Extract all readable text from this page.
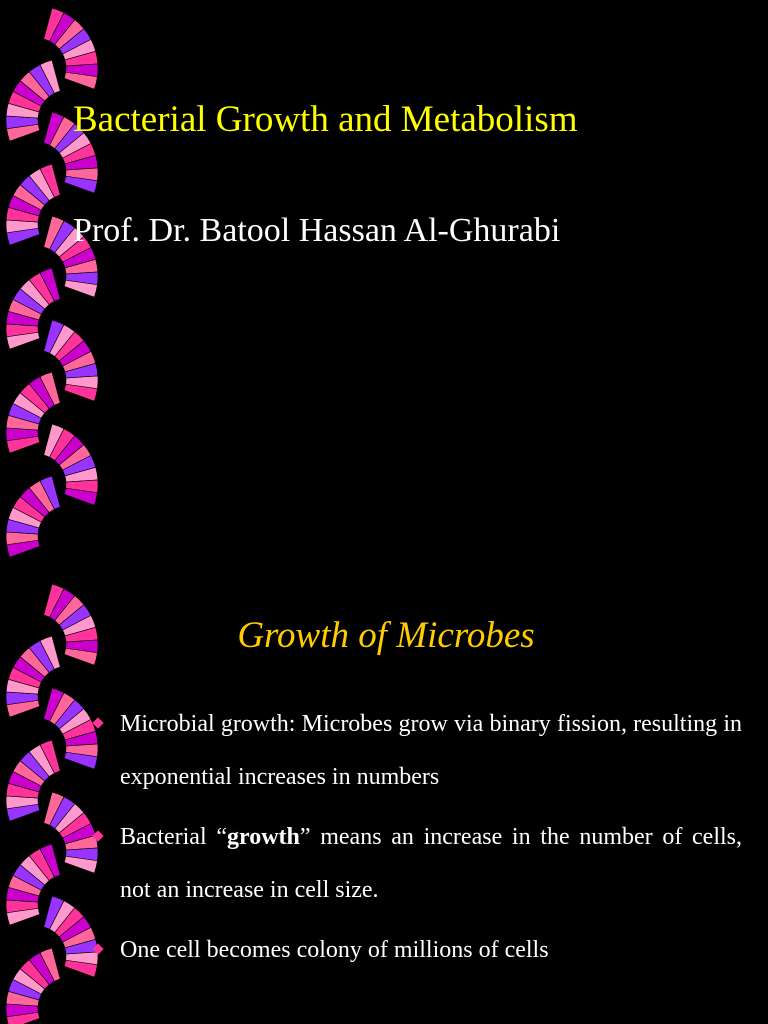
Bacterial Growth and Metabolism
Prof. Dr. Batool Hassan Al-Ghurabi
Growth of Microbes
Microbial growth: Microbes grow via binary fission, resulting in exponential increases in numbers
Bacterial “growth” means an increase in the number of cells, not an increase in cell size.
One cell becomes colony of millions of cells
